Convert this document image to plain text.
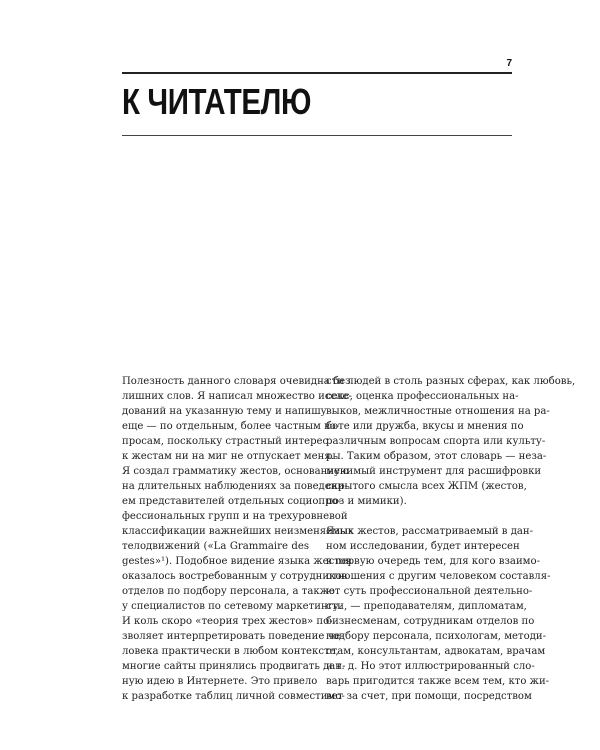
7
К ЧИТАТЕЛЮ
Полезность данного словаря очевидна без
лишних слов. Я написал множество иссле-
дований на указанную тему и напишу
еще — по отдельным, более частным во-
просам, поскольку страстный интерес
к жестам ни на миг не отпускает меня.
Я создал грамматику жестов, основанную
на длительных наблюдениях за поведени-
ем представителей отдельных социопро-
фессиональных групп и на трехуровневой
классификации важнейших неизменяемых
телодвижений («La Grammaire des
gestes»¹). Подобное видение языка жестов
оказалось востребованным у сотрудников
отделов по подбору персонала, а также
у специалистов по сетевому маркетингу.
И коль скоро «теория трех жестов» по-
зволяет интерпретировать поведение че-
ловека практически в любом контексте,
многие сайты принялись продвигать дан-
ную идею в Интернете. Это привело
к разработке таблиц личной совместимо-
сти людей в столь разных сферах, как любовь,
секс, оценка профессиональных на-
выков, межличностные отношения на ра-
боте или дружба, вкусы и мнения по
различным вопросам спорта или культу-
ры. Таким образом, этот словарь — неза-
менимый инструмент для расшифровки
скрытого смысла всех ЖПМ (жестов,
поз и мимики).
Язык жестов, рассматриваемый в дан-
ном исследовании, будет интересен
в первую очередь тем, для кого взаимо-
отношения с другим человеком составля-
ют суть профессиональной деятельно-
сти, — преподавателям, дипломатам,
бизнесменам, сотрудникам отделов по
подбору персонала, психологам, методи-
стам, консультантам, адвокатам, врачам
и т. д. Но этот иллюстрированный сло-
варь пригодится также всем тем, кто жи-
вет за счет, при помощи, посредством
